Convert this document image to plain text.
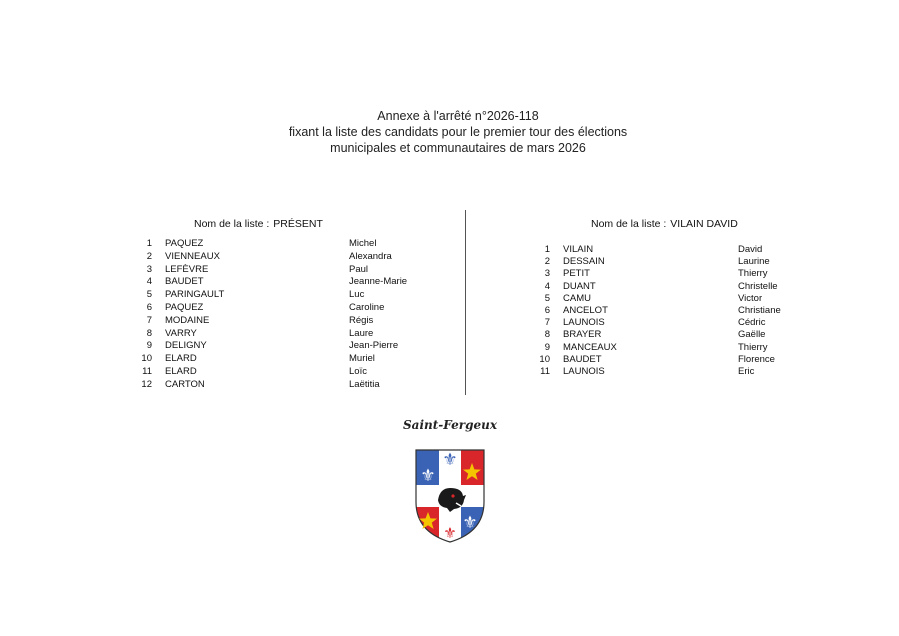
Annexe à l'arrêté n°2026-118
fixant la liste des candidats pour le premier tour des élections
municipales et communautaires de mars 2026
Nom de la liste : PRÉSENT	Nom de la liste : VILAIN DAVID
1 PAQUEZ	Michel
2 VIENNEAUX	Alexandra
3 LEFÈVRE	Paul
4 BAUDET	Jeanne-Marie
5 PARINGAULT	Luc
6 PAQUEZ	Caroline
7 MODAINE	Régis
8 VARRY	Laure
9 DELIGNY	Jean-Pierre
10 ELARD	Muriel
11 ELARD	Loïc
12 CARTON	Laëtitia
1 VILAIN	David
2 DESSAIN	Laurine
3 PETIT	Thierry
4 DUANT	Christelle
5 CAMU	Victor
6 ANCELOT	Christiane
7 LAUNOIS	Cédric
8 BRAYER	Gaëlle
9 MANCEAUX	Thierry
10 BAUDET	Florence
11 LAUNOIS	Eric
Saint-Fergeux
⚜
⚜
⚜
⚜
